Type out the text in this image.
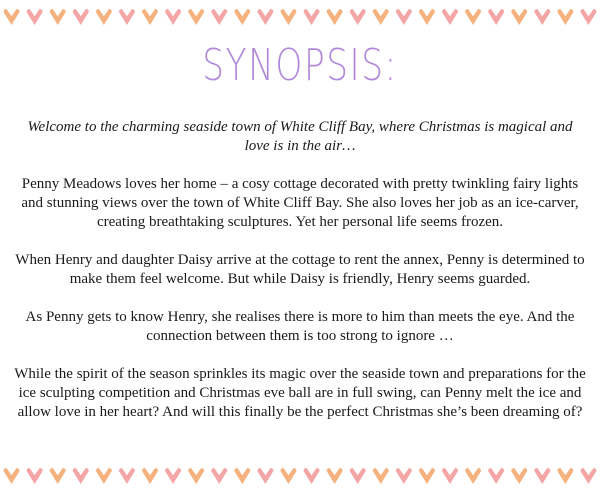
SYNOPSIS:

Welcome to the charming seaside town of White Cliff Bay, where Christmas is magical and love is in the air…

Penny Meadows loves her home – a cosy cottage decorated with pretty twinkling fairy lights and stunning views over the town of White Cliff Bay. She also loves her job as an ice-carver, creating breathtaking sculptures. Yet her personal life seems frozen.

When Henry and daughter Daisy arrive at the cottage to rent the annex, Penny is determined to make them feel welcome. But while Daisy is friendly, Henry seems guarded.

As Penny gets to know Henry, she realises there is more to him than meets the eye. And the connection between them is too strong to ignore …

While the spirit of the season sprinkles its magic over the seaside town and preparations for the ice sculpting competition and Christmas eve ball are in full swing, can Penny melt the ice and allow love in her heart? And will this finally be the perfect Christmas she’s been dreaming of?
